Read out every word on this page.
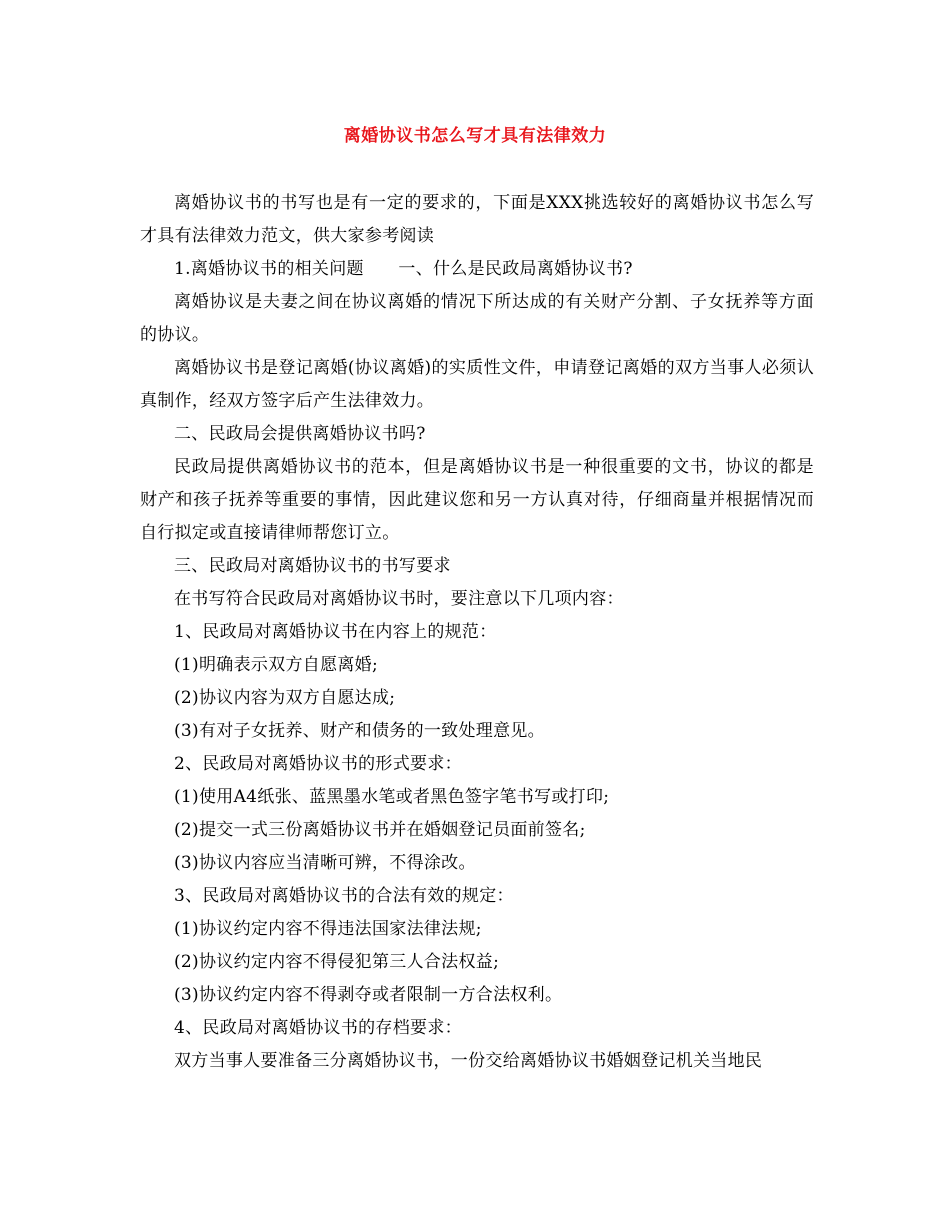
离婚协议书怎么写才具有法律效力

离婚协议书的书写也是有一定的要求的，下面是XXX挑选较好的离婚协议书怎么写才具有法律效力范文，供大家参考阅读

1.离婚协议书的相关问题　　一、什么是民政局离婚协议书?

离婚协议是夫妻之间在协议离婚的情况下所达成的有关财产分割、子女抚养等方面的协议。

离婚协议书是登记离婚(协议离婚)的实质性文件，申请登记离婚的双方当事人必须认真制作，经双方签字后产生法律效力。

二、民政局会提供离婚协议书吗?

民政局提供离婚协议书的范本，但是离婚协议书是一种很重要的文书，协议的都是财产和孩子抚养等重要的事情，因此建议您和另一方认真对待，仔细商量并根据情况而自行拟定或直接请律师帮您订立。

三、民政局对离婚协议书的书写要求

在书写符合民政局对离婚协议书时，要注意以下几项内容：

1、民政局对离婚协议书在内容上的规范：

(1)明确表示双方自愿离婚;

(2)协议内容为双方自愿达成;

(3)有对子女抚养、财产和债务的一致处理意见。

2、民政局对离婚协议书的形式要求：

(1)使用A4纸张、蓝黑墨水笔或者黑色签字笔书写或打印;

(2)提交一式三份离婚协议书并在婚姻登记员面前签名;

(3)协议内容应当清晰可辨，不得涂改。

3、民政局对离婚协议书的合法有效的规定：

(1)协议约定内容不得违法国家法律法规;

(2)协议约定内容不得侵犯第三人合法权益;

(3)协议约定内容不得剥夺或者限制一方合法权利。

4、民政局对离婚协议书的存档要求：

双方当事人要准备三分离婚协议书，一份交给离婚协议书婚姻登记机关当地民
